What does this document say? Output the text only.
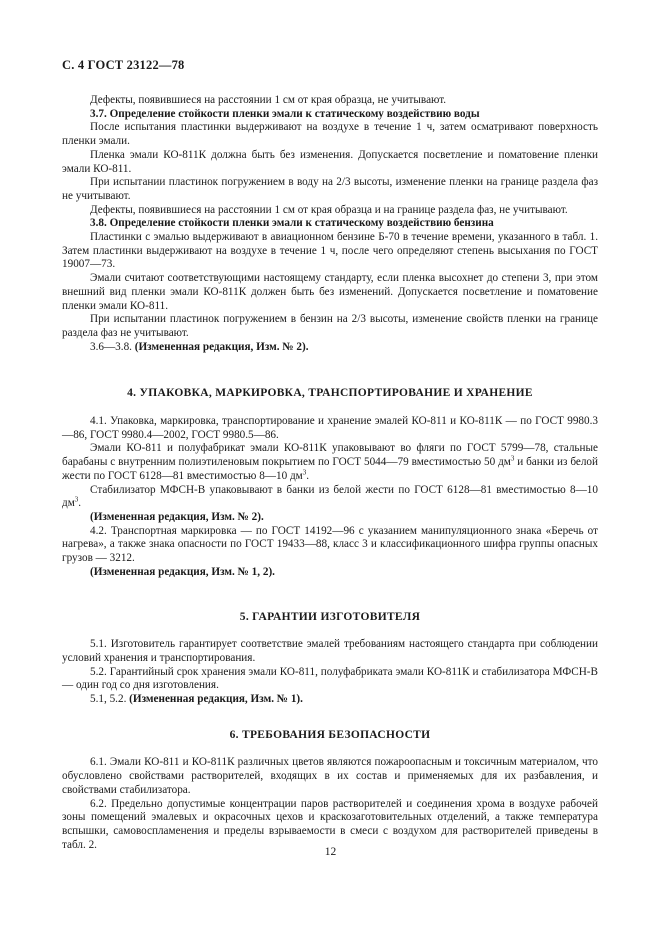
С. 4 ГОСТ 23122—78

Дефекты, появившиеся на расстоянии 1 см от края образца, не учитывают.

3.7. Определение стойкости пленки эмали к статическому воздействию воды

После испытания пластинки выдерживают на воздухе в течение 1 ч, затем осматривают поверхность пленки эмали.

Пленка эмали КО-811К должна быть без изменения. Допускается посветление и поматовение пленки эмали КО-811.

При испытании пластинок погружением в воду на 2/3 высоты, изменение пленки на границе раздела фаз не учитывают.

Дефекты, появившиеся на расстоянии 1 см от края образца и на границе раздела фаз, не учитывают.

3.8. Определение стойкости пленки эмали к статическому воздействию бензина

Пластинки с эмалью выдерживают в авиационном бензине Б-70 в течение времени, указанного в табл. 1. Затем пластинки выдерживают на воздухе в течение 1 ч, после чего определяют степень высыхания по ГОСТ 19007—73.

Эмали считают соответствующими настоящему стандарту, если пленка высохнет до степени 3, при этом внешний вид пленки эмали КО-811К должен быть без изменений. Допускается посветление и поматовение пленки эмали КО-811.

При испытании пластинок погружением в бензин на 2/3 высоты, изменение свойств пленки на границе раздела фаз не учитывают.

3.6—3.8. (Измененная редакция, Изм. № 2).

4. УПАКОВКА, МАРКИРОВКА, ТРАНСПОРТИРОВАНИЕ И ХРАНЕНИЕ

4.1. Упаковка, маркировка, транспортирование и хранение эмалей КО-811 и КО-811К — по ГОСТ 9980.3—86, ГОСТ 9980.4—2002, ГОСТ 9980.5—86.

Эмали КО-811 и полуфабрикат эмали КО-811К упаковывают во фляги по ГОСТ 5799—78, стальные барабаны с внутренним полиэтиленовым покрытием по ГОСТ 5044—79 вместимостью 50 $дм^3$ и банки из белой жести по ГОСТ 6128—81 вместимостью 8—10 $дм^3$.

Стабилизатор МФСН-В упаковывают в банки из белой жести по ГОСТ 6128—81 вместимостью 8—10 $дм^3$.

(Измененная редакция, Изм. № 2).

4.2. Транспортная маркировка — по ГОСТ 14192—96 с указанием манипуляционного знака «Беречь от нагрева», а также знака опасности по ГОСТ 19433—88, класс 3 и классификационного шифра группы опасных грузов — 3212.

(Измененная редакция, Изм. № 1, 2).

5. ГАРАНТИИ ИЗГОТОВИТЕЛЯ

5.1. Изготовитель гарантирует соответствие эмалей требованиям настоящего стандарта при соблюдении условий хранения и транспортирования.

5.2. Гарантийный срок хранения эмали КО-811, полуфабриката эмали КО-811К и стабилизатора МФСН-В — один год со дня изготовления.

5.1, 5.2. (Измененная редакция, Изм. № 1).

6. ТРЕБОВАНИЯ БЕЗОПАСНОСТИ

6.1. Эмали КО-811 и КО-811К различных цветов являются пожароопасным и токсичным материалом, что обусловлено свойствами растворителей, входящих в их состав и применяемых для их разбавления, и свойствами стабилизатора.

6.2. Предельно допустимые концентрации паров растворителей и соединения хрома в воздухе рабочей зоны помещений эмалевых и окрасочных цехов и краскозаготовительных отделений, а также температура вспышки, самовоспламенения и пределы взрываемости в смеси с воздухом для растворителей приведены в табл. 2.

12
